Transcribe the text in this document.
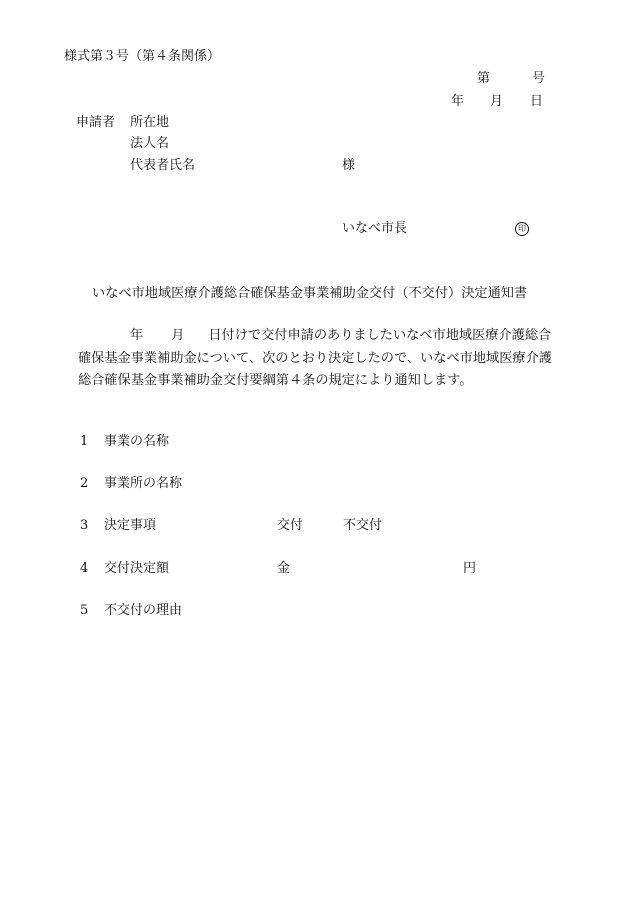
様式第３号（第４条関係）
第	号
年 月 日
申請者 所在地
法人名
代表者氏名	様
いなべ市長	印
いなべ市地域医療介護総合確保基金事業補助金交付（不交付）決定通知書
年 月 日付けで交付申請のありましたいなべ市地域医療介護総合
確保基金事業補助金について、次のとおり決定したので、いなべ市地域医療介護
総合確保基金事業補助金交付要綱第４条の規定により通知します。
1 事業の名称
2 事業所の名称
3 決定事項	交付	不交付
4 交付決定額	金	円
5 不交付の理由
